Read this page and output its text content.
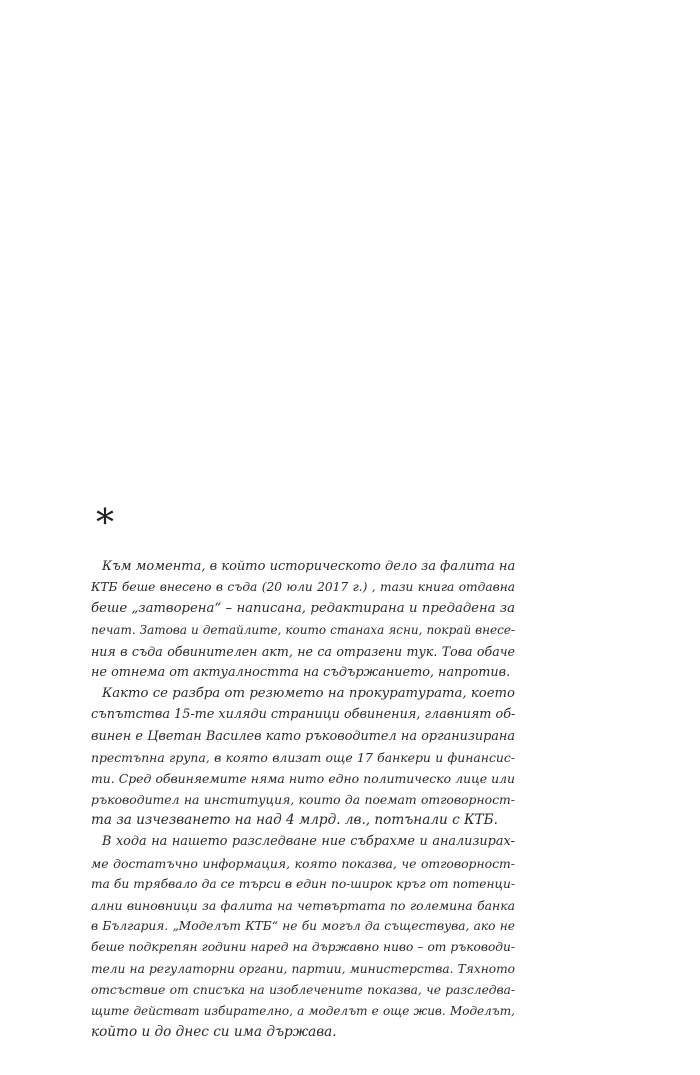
*
Към момента, в който историческото дело за фалита на
КТБ беше внесено в съда (20 юли 2017 г.) , тази книга отдавна
беше „затворена“ – написана, редактирана и предадена за
печат. Затова и детайлите, които станаха ясни, покрай внесе-
ния в съда обвинителен акт, не са отразени тук. Това обаче
не отнема от актуалността на съдържанието, напротив.
Както се разбра от резюмето на прокуратурата, което
съпътства 15-те хиляди страници обвинения, главният об-
винен е Цветан Василев като ръководител на организирана
престъпна група, в която влизат още 17 банкери и финансис-
ти. Сред обвиняемите няма нито едно политическо лице или
ръководител на институция, които да поемат отговорност-
та за изчезването на над 4 млрд. лв., потънали с КТБ.
В хода на нашето разследване ние събрахме и анализирах-
ме достатъчно информация, която показва, че отговорност-
та би трябвало да се търси в един по-широк кръг от потенци-
ални виновници за фалита на четвъртата по големина банка
в България. „Моделът КТБ“ не би могъл да съществува, ако не
беше подкрепян години наред на държавно ниво – от ръководи-
тели на регулаторни органи, партии, министерства. Тяхното
отсъствие от списъка на изоблечените показва, че разследва-
щите действат избирателно, а моделът е още жив. Моделът,
който и до днес си има държава.
